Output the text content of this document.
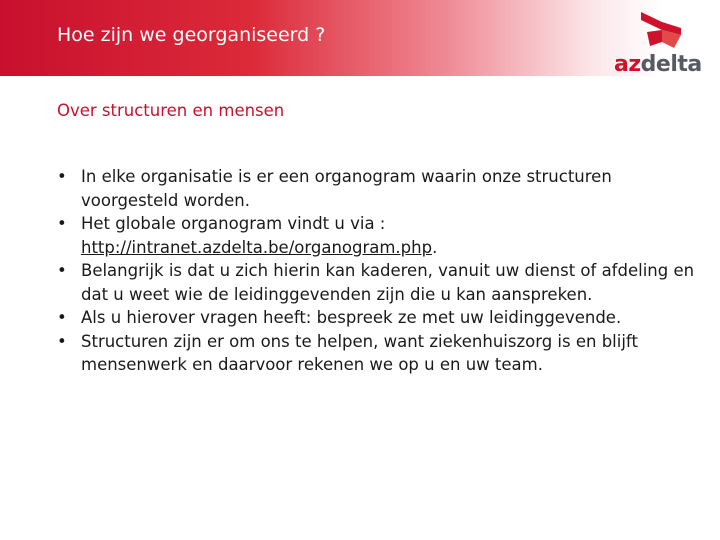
Hoe zijn we georganiseerd ?
azdelta
Over structuren en mensen
• In elke organisatie is er een organogram waarin onze structuren voorgesteld worden.
• Het globale organogram vindt u via : http://intranet.azdelta.be/organogram.php.
• Belangrijk is dat u zich hierin kan kaderen, vanuit uw dienst of afdeling en dat u weet wie de leidinggevenden zijn die u kan aanspreken.
• Als u hierover vragen heeft: bespreek ze met uw leidinggevende.
• Structuren zijn er om ons te helpen, want ziekenhuiszorg is en blijft mensenwerk en daarvoor rekenen we op u en uw team.
